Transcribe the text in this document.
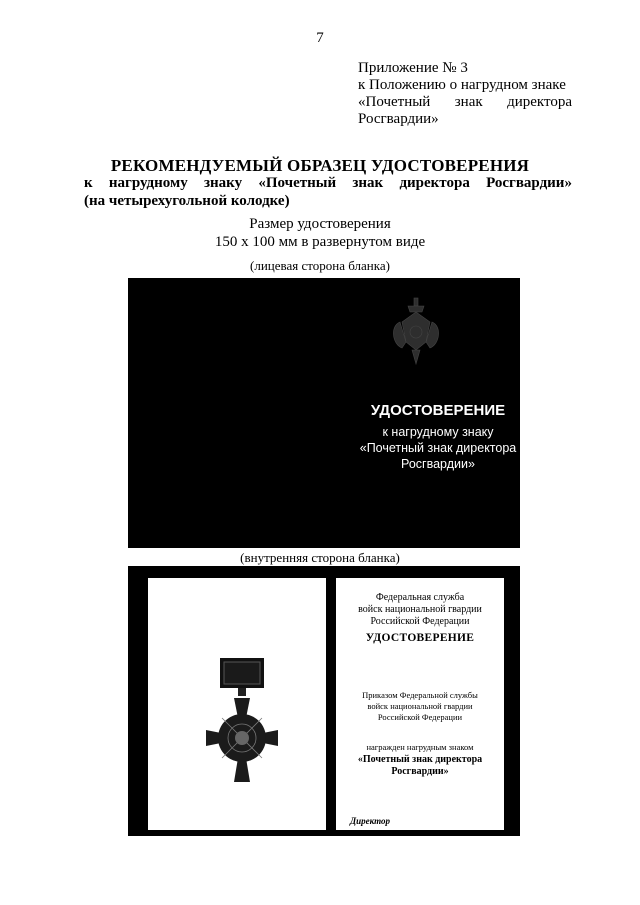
7
Приложение № 3
к Положению о нагрудном знаке
«Почетный знак директора
Росгвардии»
РЕКОМЕНДУЕМЫЙ ОБРАЗЕЦ УДОСТОВЕРЕНИЯ
к нагрудному знаку «Почетный знак директора Росгвардии»
(на четырехугольной колодке)
Размер удостоверения
150 х 100 мм в развернутом виде
(лицевая сторона бланка)
УДОСТОВЕРЕНИЕ
к нагрудному знаку
«Почетный знак директора
Росгвардии»
(внутренняя сторона бланка)
Федеральная служба
войск национальной гвардии
Российской Федерации
УДОСТОВЕРЕНИЕ
Приказом Федеральной службы
войск национальной гвардии
Российской Федерации
награжден нагрудным знаком
«Почетный знак директора
Росгвардии»
Директор
